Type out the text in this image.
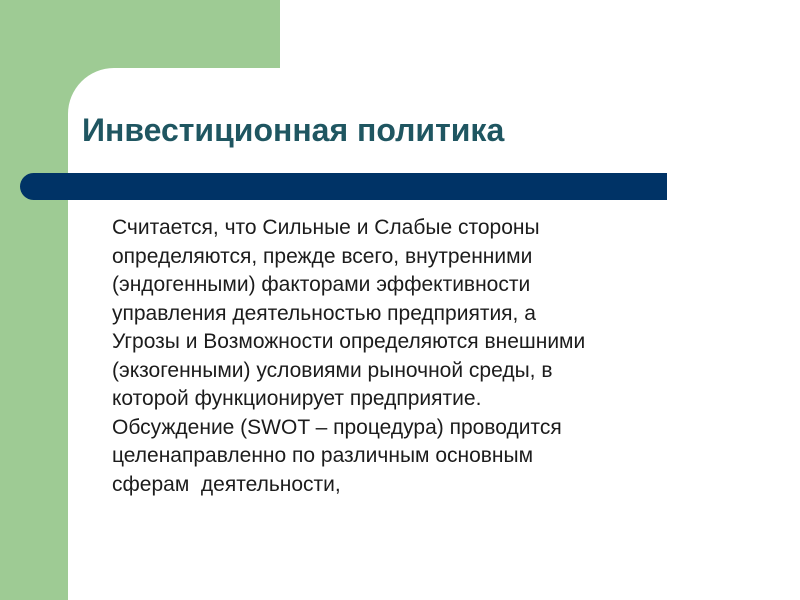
Инвестиционная политика
Считается, что Сильные и Слабые стороны
определяются, прежде всего, внутренними
(эндогенными) факторами эффективности
управления деятельностью предприятия, а
Угрозы и Возможности определяются внешними
(экзогенными) условиями рыночной среды, в
которой функционирует предприятие.
Обсуждение (SWOT – процедура) проводится
целенаправленно по различным основным
сферам  деятельности,
